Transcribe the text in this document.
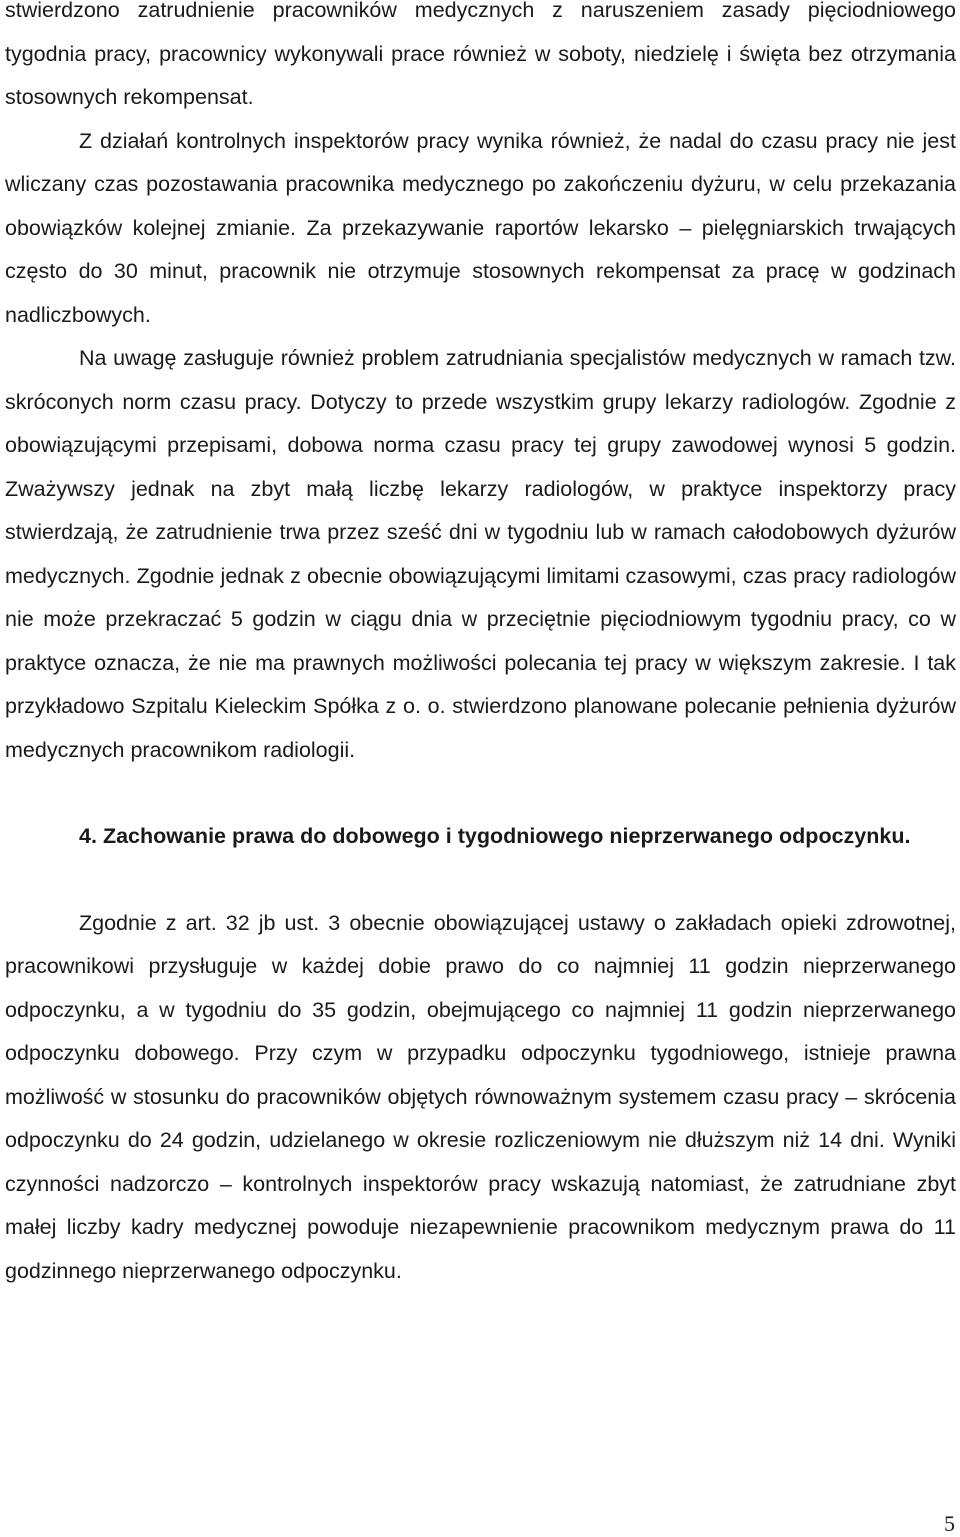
stwierdzono zatrudnienie pracowników medycznych z naruszeniem zasady pięciodniowego tygodnia pracy, pracownicy wykonywali prace również w soboty, niedzielę i święta bez otrzymania stosownych rekompensat.

Z działań kontrolnych inspektorów pracy wynika również, że nadal do czasu pracy nie jest wliczany czas pozostawania pracownika medycznego po zakończeniu dyżuru, w celu przekazania obowiązków kolejnej zmianie. Za przekazywanie raportów lekarsko – pielęgniarskich trwających często do 30 minut, pracownik nie otrzymuje stosownych rekompensat za pracę w godzinach nadliczbowych.

Na uwagę zasługuje również problem zatrudniania specjalistów medycznych w ramach tzw. skróconych norm czasu pracy. Dotyczy to przede wszystkim grupy lekarzy radiologów. Zgodnie z obowiązującymi przepisami, dobowa norma czasu pracy tej grupy zawodowej wynosi 5 godzin. Zważywszy jednak na zbyt małą liczbę lekarzy radiologów, w praktyce inspektorzy pracy stwierdzają, że zatrudnienie trwa przez sześć dni w tygodniu lub w ramach całodobowych dyżurów medycznych. Zgodnie jednak z obecnie obowiązującymi limitami czasowymi, czas pracy radiologów nie może przekraczać 5 godzin w ciągu dnia w przeciętnie pięciodniowym tygodniu pracy, co w praktyce oznacza, że nie ma prawnych możliwości polecania tej pracy w większym zakresie. I tak przykładowo Szpitalu Kieleckim Spółka z o. o. stwierdzono planowane polecanie pełnienia dyżurów medycznych pracownikom radiologii.

4. Zachowanie prawa do dobowego i tygodniowego nieprzerwanego odpoczynku.

Zgodnie z art. 32 jb ust. 3 obecnie obowiązującej ustawy o zakładach opieki zdrowotnej, pracownikowi przysługuje w każdej dobie prawo do co najmniej 11 godzin nieprzerwanego odpoczynku, a w tygodniu do 35 godzin, obejmującego co najmniej 11 godzin nieprzerwanego odpoczynku dobowego. Przy czym w przypadku odpoczynku tygodniowego, istnieje prawna możliwość w stosunku do pracowników objętych równoważnym systemem czasu pracy – skrócenia odpoczynku do 24 godzin, udzielanego w okresie rozliczeniowym nie dłuższym niż 14 dni. Wyniki czynności nadzorczo – kontrolnych inspektorów pracy wskazują natomiast, że zatrudniane zbyt małej liczby kadry medycznej powoduje niezapewnienie pracownikom medycznym prawa do 11 godzinnego nieprzerwanego odpoczynku.

5
